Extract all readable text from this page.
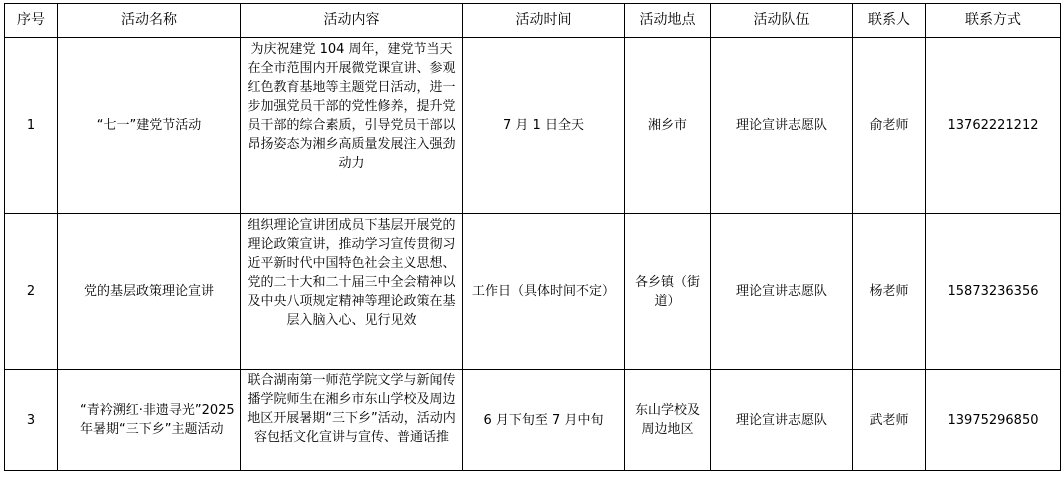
序号	活动名称	活动内容	活动时间	活动地点	活动队伍	联系人	联系方式
1	“七一”建党节活动	为庆祝建党 104 周年，建党节当天在全市范围内开展微党课宣讲、参观红色教育基地等主题党日活动，进一步加强党员干部的党性修养，提升党员干部的综合素质，引导党员干部以昂扬姿态为湘乡高质量发展注入强劲动力	7 月 1 日全天	湘乡市	理论宣讲志愿队	俞老师	13762221212
2	党的基层政策理论宣讲	组织理论宣讲团成员下基层开展党的理论政策宣讲，推动学习宣传贯彻习近平新时代中国特色社会主义思想、党的二十大和二十届三中全会精神以及中央八项规定精神等理论政策在基层入脑入心、见行见效	工作日（具体时间不定）	各乡镇（街道）	理论宣讲志愿队	杨老师	15873236356
3	“青衿溯红·非遗寻光”2025 年暑期“三下乡”主题活动	联合湖南第一师范学院文学与新闻传播学院师生在湘乡市东山学校及周边地区开展暑期“三下乡”活动，活动内容包括文化宣讲与宣传、普通话推	6 月下旬至 7 月中旬	东山学校及周边地区	理论宣讲志愿队	武老师	13975296850
